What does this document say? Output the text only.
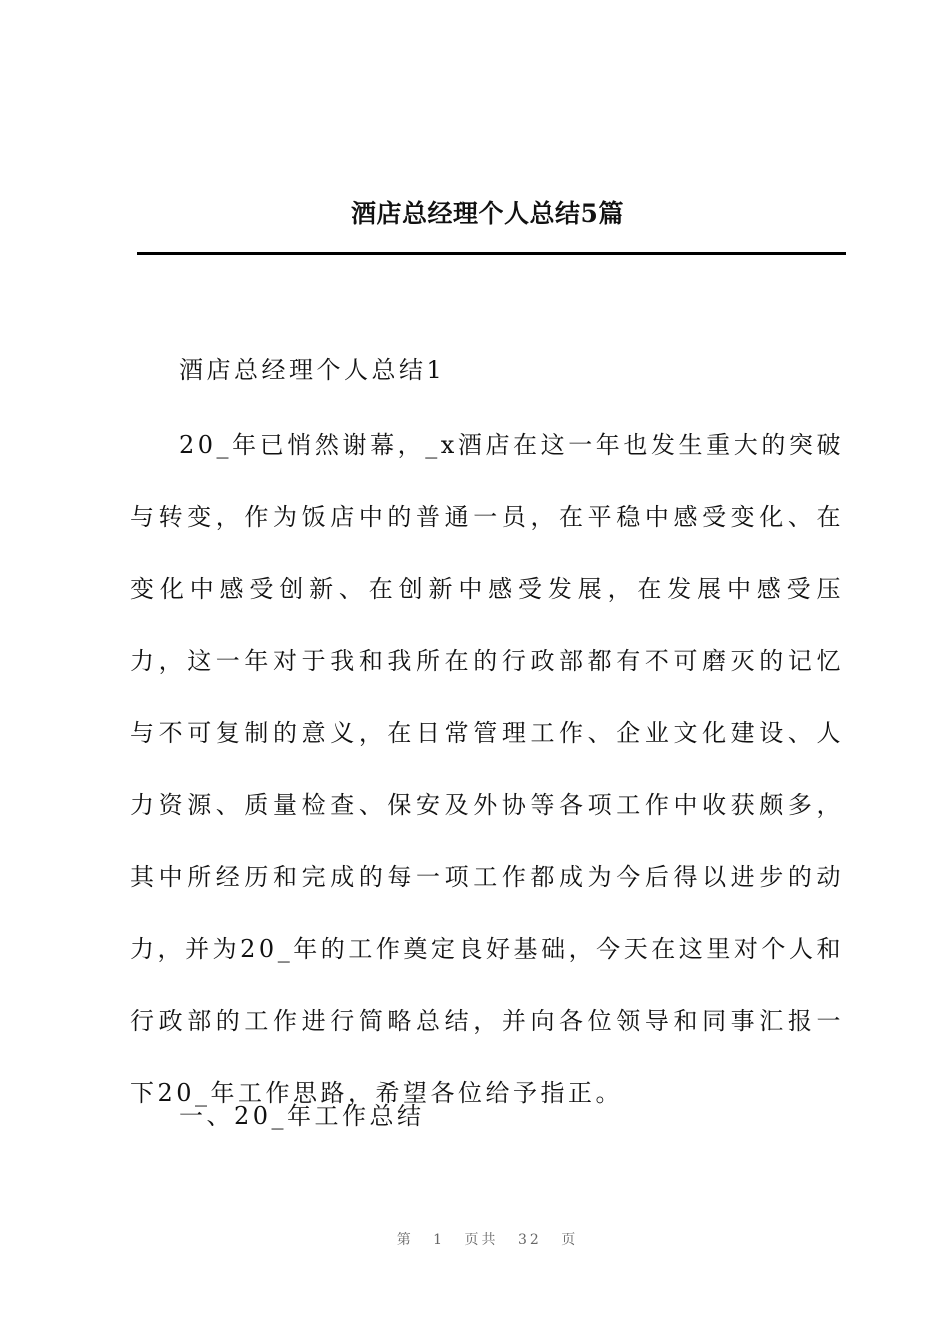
酒店总经理个人总结5篇
酒店总经理个人总结1

20_年已悄然谢幕，_x酒店在这一年也发生重大的突破与转变，作为饭店中的普通一员，在平稳中感受变化、在变化中感受创新、在创新中感受发展，在发展中感受压力，这一年对于我和我所在的行政部都有不可磨灭的记忆与不可复制的意义，在日常管理工作、企业文化建设、人力资源、质量检查、保安及外协等各项工作中收获颇多，其中所经历和完成的每一项工作都成为今后得以进步的动力，并为20_年的工作奠定良好基础，今天在这里对个人和行政部的工作进行简略总结，并向各位领导和同事汇报一下20_年工作思路，希望各位给予指正。

一、20_年工作总结
第 1 页共 32 页
